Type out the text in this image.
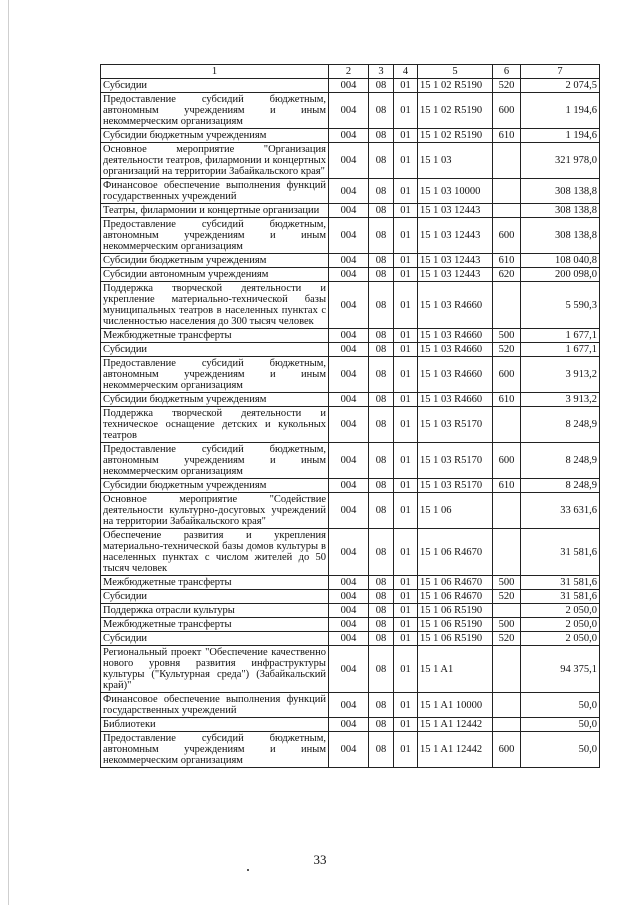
1	2	3	4	5	6	7
Субсидии	004	08	01	15 1 02 R5190	520	2 074,5
Предоставление субсидий бюджетным, автономным учреждениям и иным некоммерческим организациям	004	08	01	15 1 02 R5190	600	1 194,6
Субсидии бюджетным учреждениям	004	08	01	15 1 02 R5190	610	1 194,6
Основное мероприятие "Организация деятельности театров, филармонии и концертных организаций на территории Забайкальского края"	004	08	01	15 1 03		321 978,0
Финансовое обеспечение выполнения функций государственных учреждений	004	08	01	15 1 03 10000		308 138,8
Театры, филармонии и концертные организации	004	08	01	15 1 03 12443		308 138,8
Предоставление субсидий бюджетным, автономным учреждениям и иным некоммерческим организациям	004	08	01	15 1 03 12443	600	308 138,8
Субсидии бюджетным учреждениям	004	08	01	15 1 03 12443	610	108 040,8
Субсидии автономным учреждениям	004	08	01	15 1 03 12443	620	200 098,0
Поддержка творческой деятельности и укрепление материально-технической базы муниципальных театров в населенных пунктах с численностью населения до 300 тысяч человек	004	08	01	15 1 03 R4660		5 590,3
Межбюджетные трансферты	004	08	01	15 1 03 R4660	500	1 677,1
Субсидии	004	08	01	15 1 03 R4660	520	1 677,1
Предоставление субсидий бюджетным, автономным учреждениям и иным некоммерческим организациям	004	08	01	15 1 03 R4660	600	3 913,2
Субсидии бюджетным учреждениям	004	08	01	15 1 03 R4660	610	3 913,2
Поддержка творческой деятельности и техническое оснащение детских и кукольных театров	004	08	01	15 1 03 R5170		8 248,9
Предоставление субсидий бюджетным, автономным учреждениям и иным некоммерческим организациям	004	08	01	15 1 03 R5170	600	8 248,9
Субсидии бюджетным учреждениям	004	08	01	15 1 03 R5170	610	8 248,9
Основное мероприятие "Содействие деятельности культурно-досуговых учреждений на территории Забайкальского края"	004	08	01	15 1 06		33 631,6
Обеспечение развития и укрепления материально-технической базы домов культуры в населенных пунктах с числом жителей до 50 тысяч человек	004	08	01	15 1 06 R4670		31 581,6
Межбюджетные трансферты	004	08	01	15 1 06 R4670	500	31 581,6
Субсидии	004	08	01	15 1 06 R4670	520	31 581,6
Поддержка отрасли культуры	004	08	01	15 1 06 R5190		2 050,0
Межбюджетные трансферты	004	08	01	15 1 06 R5190	500	2 050,0
Субсидии	004	08	01	15 1 06 R5190	520	2 050,0
Региональный проект "Обеспечение качественно нового уровня развития инфраструктуры культуры ("Культурная среда") (Забайкальский край)"	004	08	01	15 1 A1		94 375,1
Финансовое обеспечение выполнения функций государственных учреждений	004	08	01	15 1 A1 10000		50,0
Библиотеки	004	08	01	15 1 A1 12442		50,0
Предоставление субсидий бюджетным, автономным учреждениям и иным некоммерческим организациям	004	08	01	15 1 A1 12442	600	50,0
33
